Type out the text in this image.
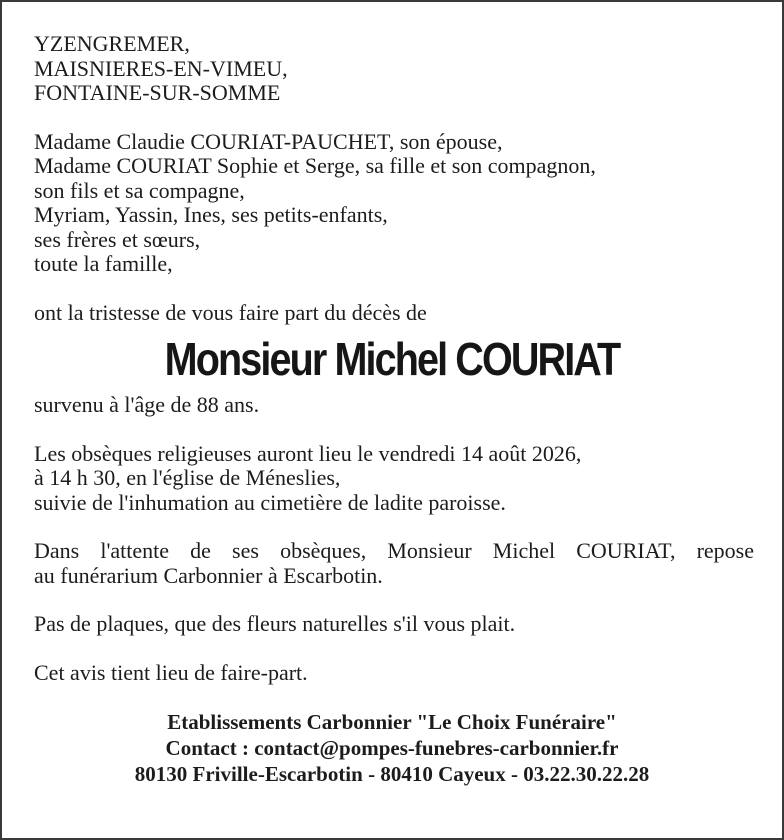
YZENGREMER,
MAISNIERES-EN-VIMEU,
FONTAINE-SUR-SOMME
Madame Claudie COURIAT-PAUCHET, son épouse,
Madame COURIAT Sophie et Serge, sa fille et son compagnon,
son fils et sa compagne,
Myriam, Yassin, Ines, ses petits-enfants,
ses frères et sœurs,
toute la famille,
ont la tristesse de vous faire part du décès de
Monsieur Michel COURIAT
survenu à l'âge de 88 ans.
Les obsèques religieuses auront lieu le vendredi 14 août 2026,
à 14 h 30, en l'église de Méneslies,
suivie de l'inhumation au cimetière de ladite paroisse.
Dans l'attente de ses obsèques, Monsieur Michel COURIAT, repose
au funérarium Carbonnier à Escarbotin.
Pas de plaques, que des fleurs naturelles s'il vous plait.
Cet avis tient lieu de faire-part.
Etablissements Carbonnier "Le Choix Funéraire"
Contact : contact@pompes-funebres-carbonnier.fr
80130 Friville-Escarbotin - 80410 Cayeux - 03.22.30.22.28
